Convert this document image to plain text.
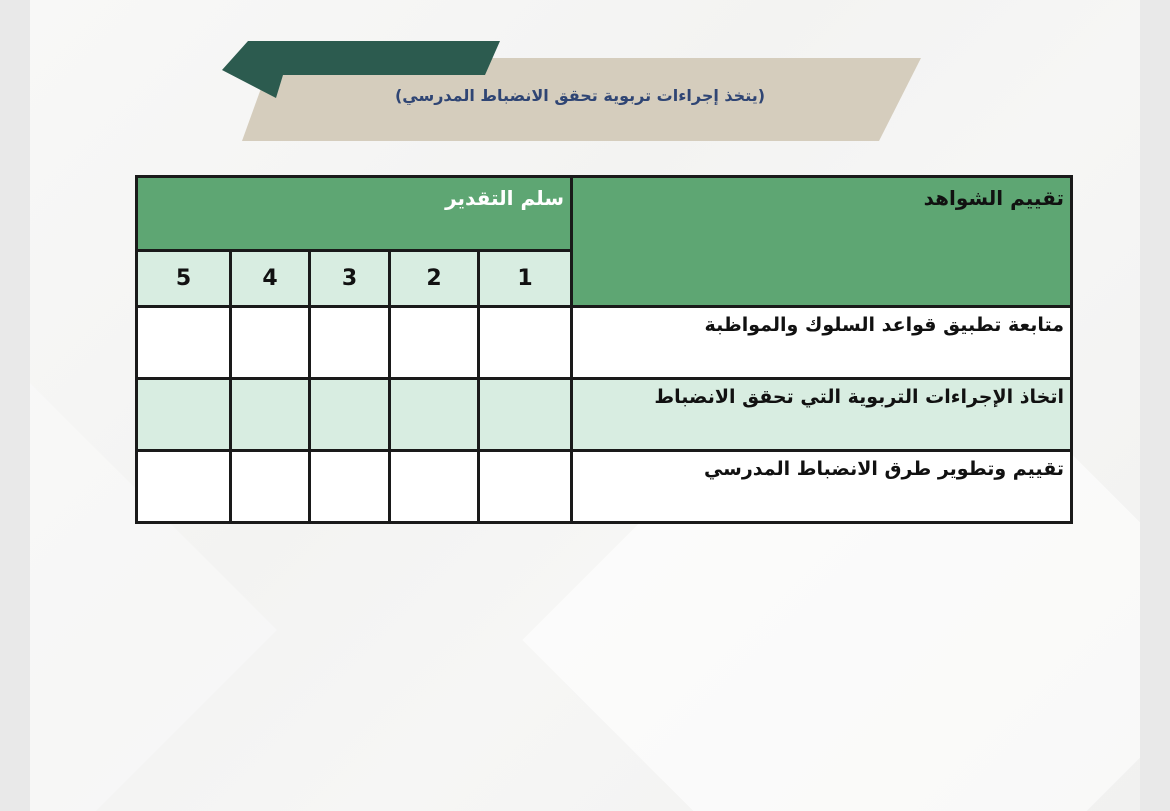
(يتخذ إجراءات تربوية تحقق الانضباط المدرسي)
تقييم الشواهد	سلم التقدير				
	1	2	3	4	5
متابعة تطبيق قواعد السلوك والمواظبة					
اتخاذ الإجراءات التربوية التي تحقق الانضباط					
تقييم وتطوير طرق الانضباط المدرسي					
